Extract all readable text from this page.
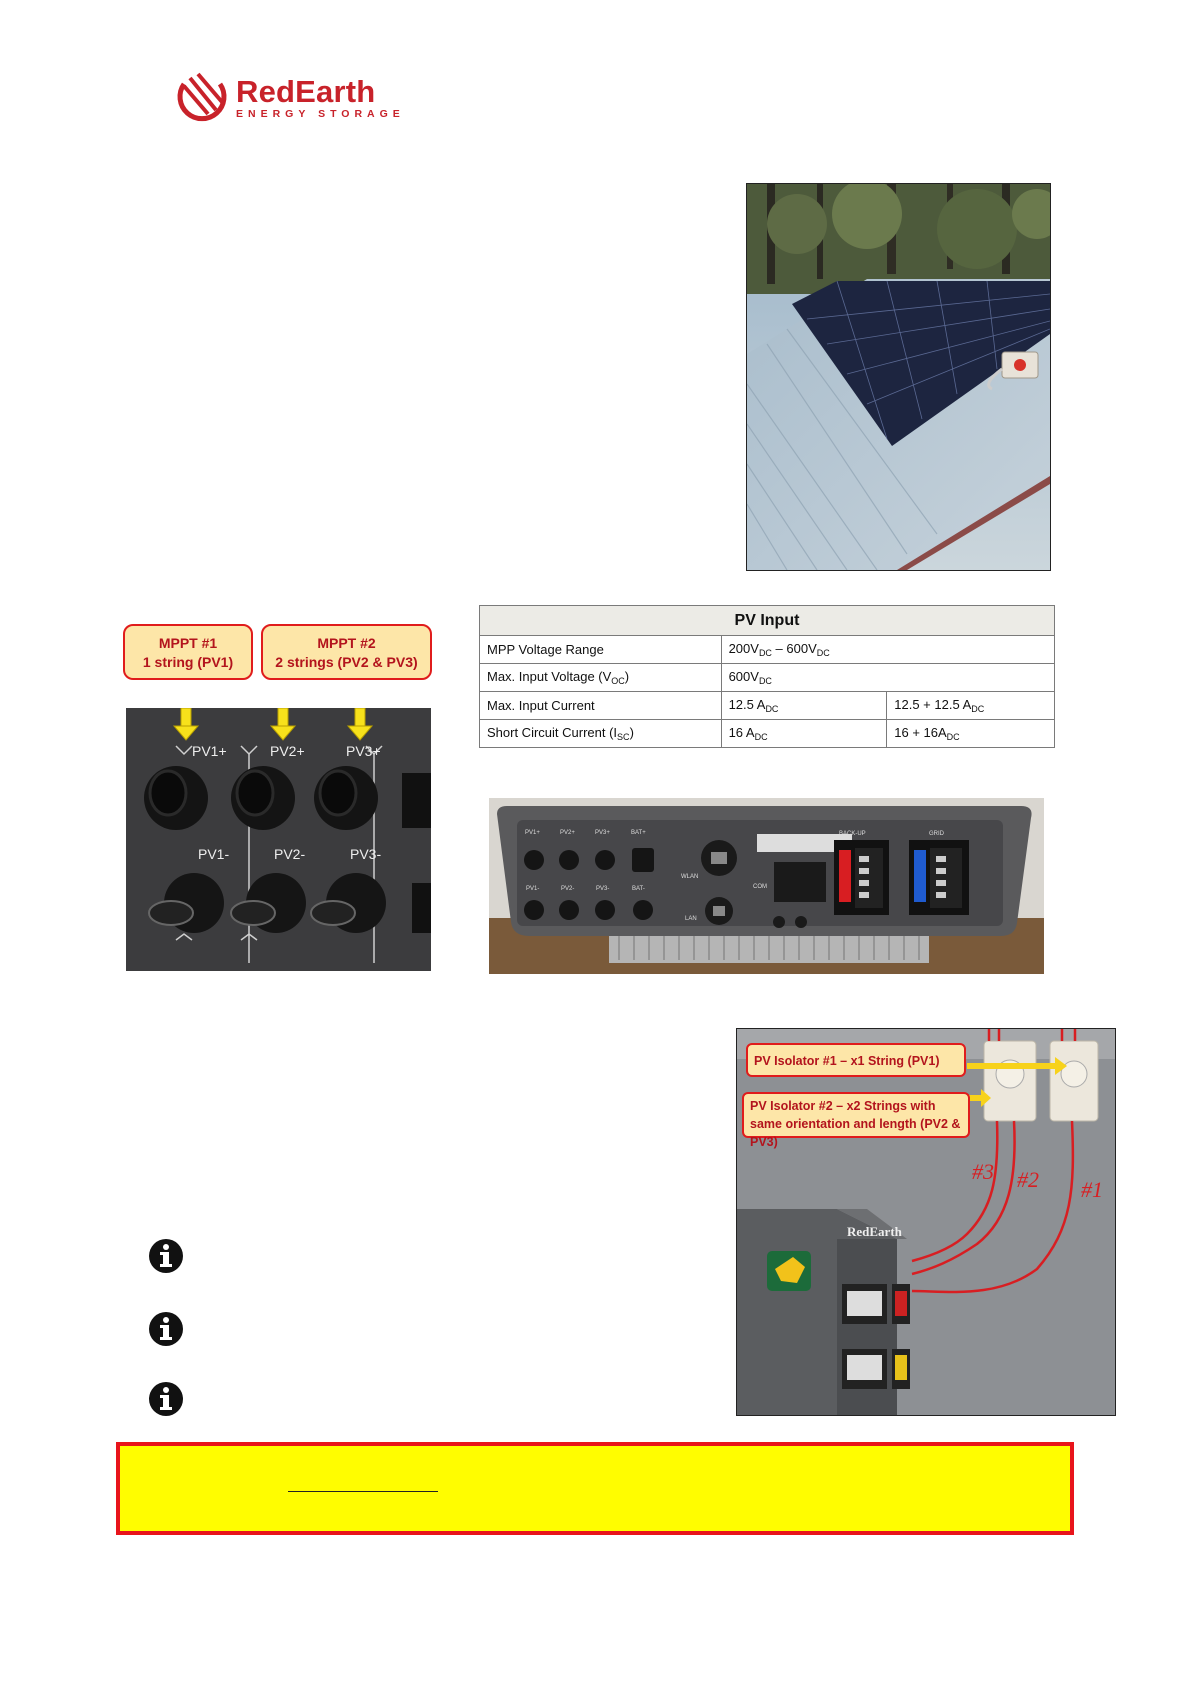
RedEarth
ENERGY STORAGE
MPPT #1
1 string (PV1)
MPPT #2
2 strings (PV2 & PV3)
.
PV1+	PV2+	PV3+
PV1-	PV2-	PV3-
PV Input		
MPP Voltage Range	$200V_{DC} - 600V_{DC}$
Max. Input Voltage $(V_{OC})$	$600V_{DC}$
Max. Input Current	12.5 $A_{DC}$	12.5 + 12.5 $A_{DC}$
Short Circuit Current $(I_{SC})$	16 $A_{DC}$	$16 + 16A_{DC}$
PV1+	PV2+	PV3+	BAT+
PV1-	PV2-	PV3-	BAT-
WLAN
LAN
COM
BACK-UP	GRID
#3 #2 #1
RedEarth
PV Isolator #1 – x1 String (PV1)
PV Isolator #2 – x2 Strings with same orientation and length (PV2 & PV3)
